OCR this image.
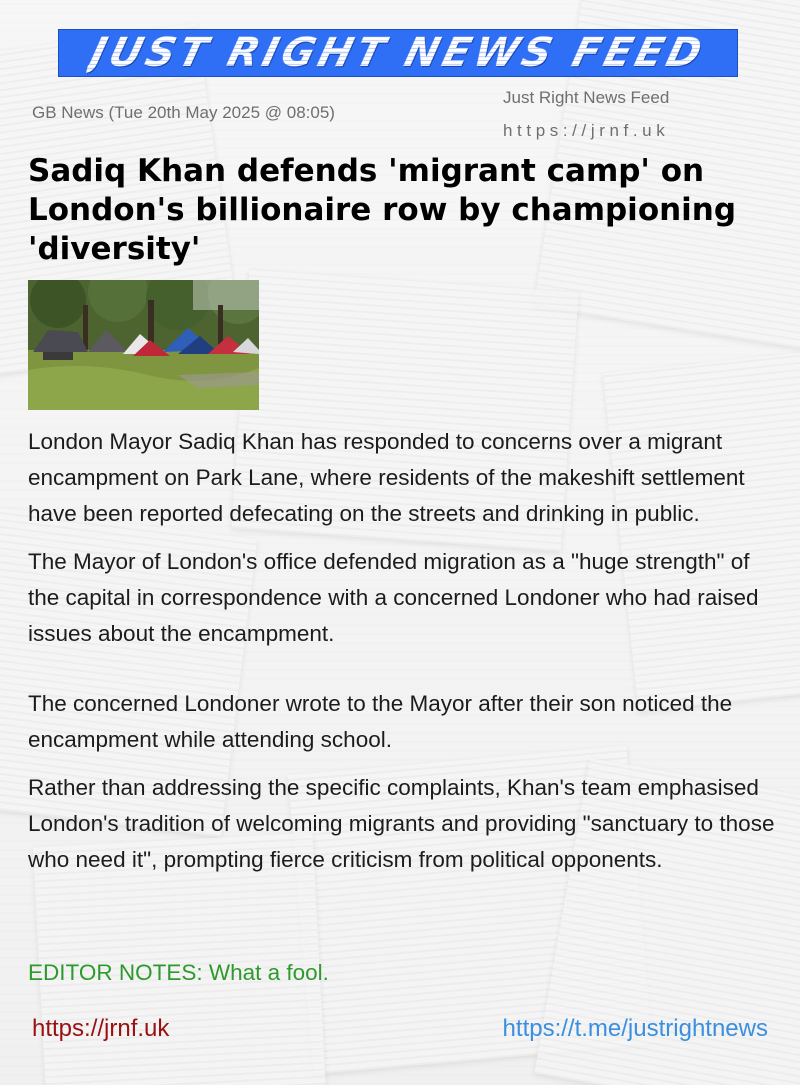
JUST RIGHT NEWS FEED
GB News (Tue 20th May 2025 @ 08:05)
Just Right News Feed
https://jrnf.uk
Sadiq Khan defends 'migrant camp' on London's billionaire row by championing 'diversity'

London Mayor Sadiq Khan has responded to concerns over a migrant encampment on Park Lane, where residents of the makeshift settlement have been reported defecating on the streets and drinking in public.

The Mayor of London's office defended migration as a "huge strength" of the capital in correspondence with a concerned Londoner who had raised issues about the encampment.

The concerned Londoner wrote to the Mayor after their son noticed the encampment while attending school.

Rather than addressing the specific complaints, Khan's team emphasised London's tradition of welcoming migrants and providing "sanctuary to those who need it", prompting fierce criticism from political opponents.

EDITOR NOTES: What a fool.
https://jrnf.uk	https://t.me/justrightnews
